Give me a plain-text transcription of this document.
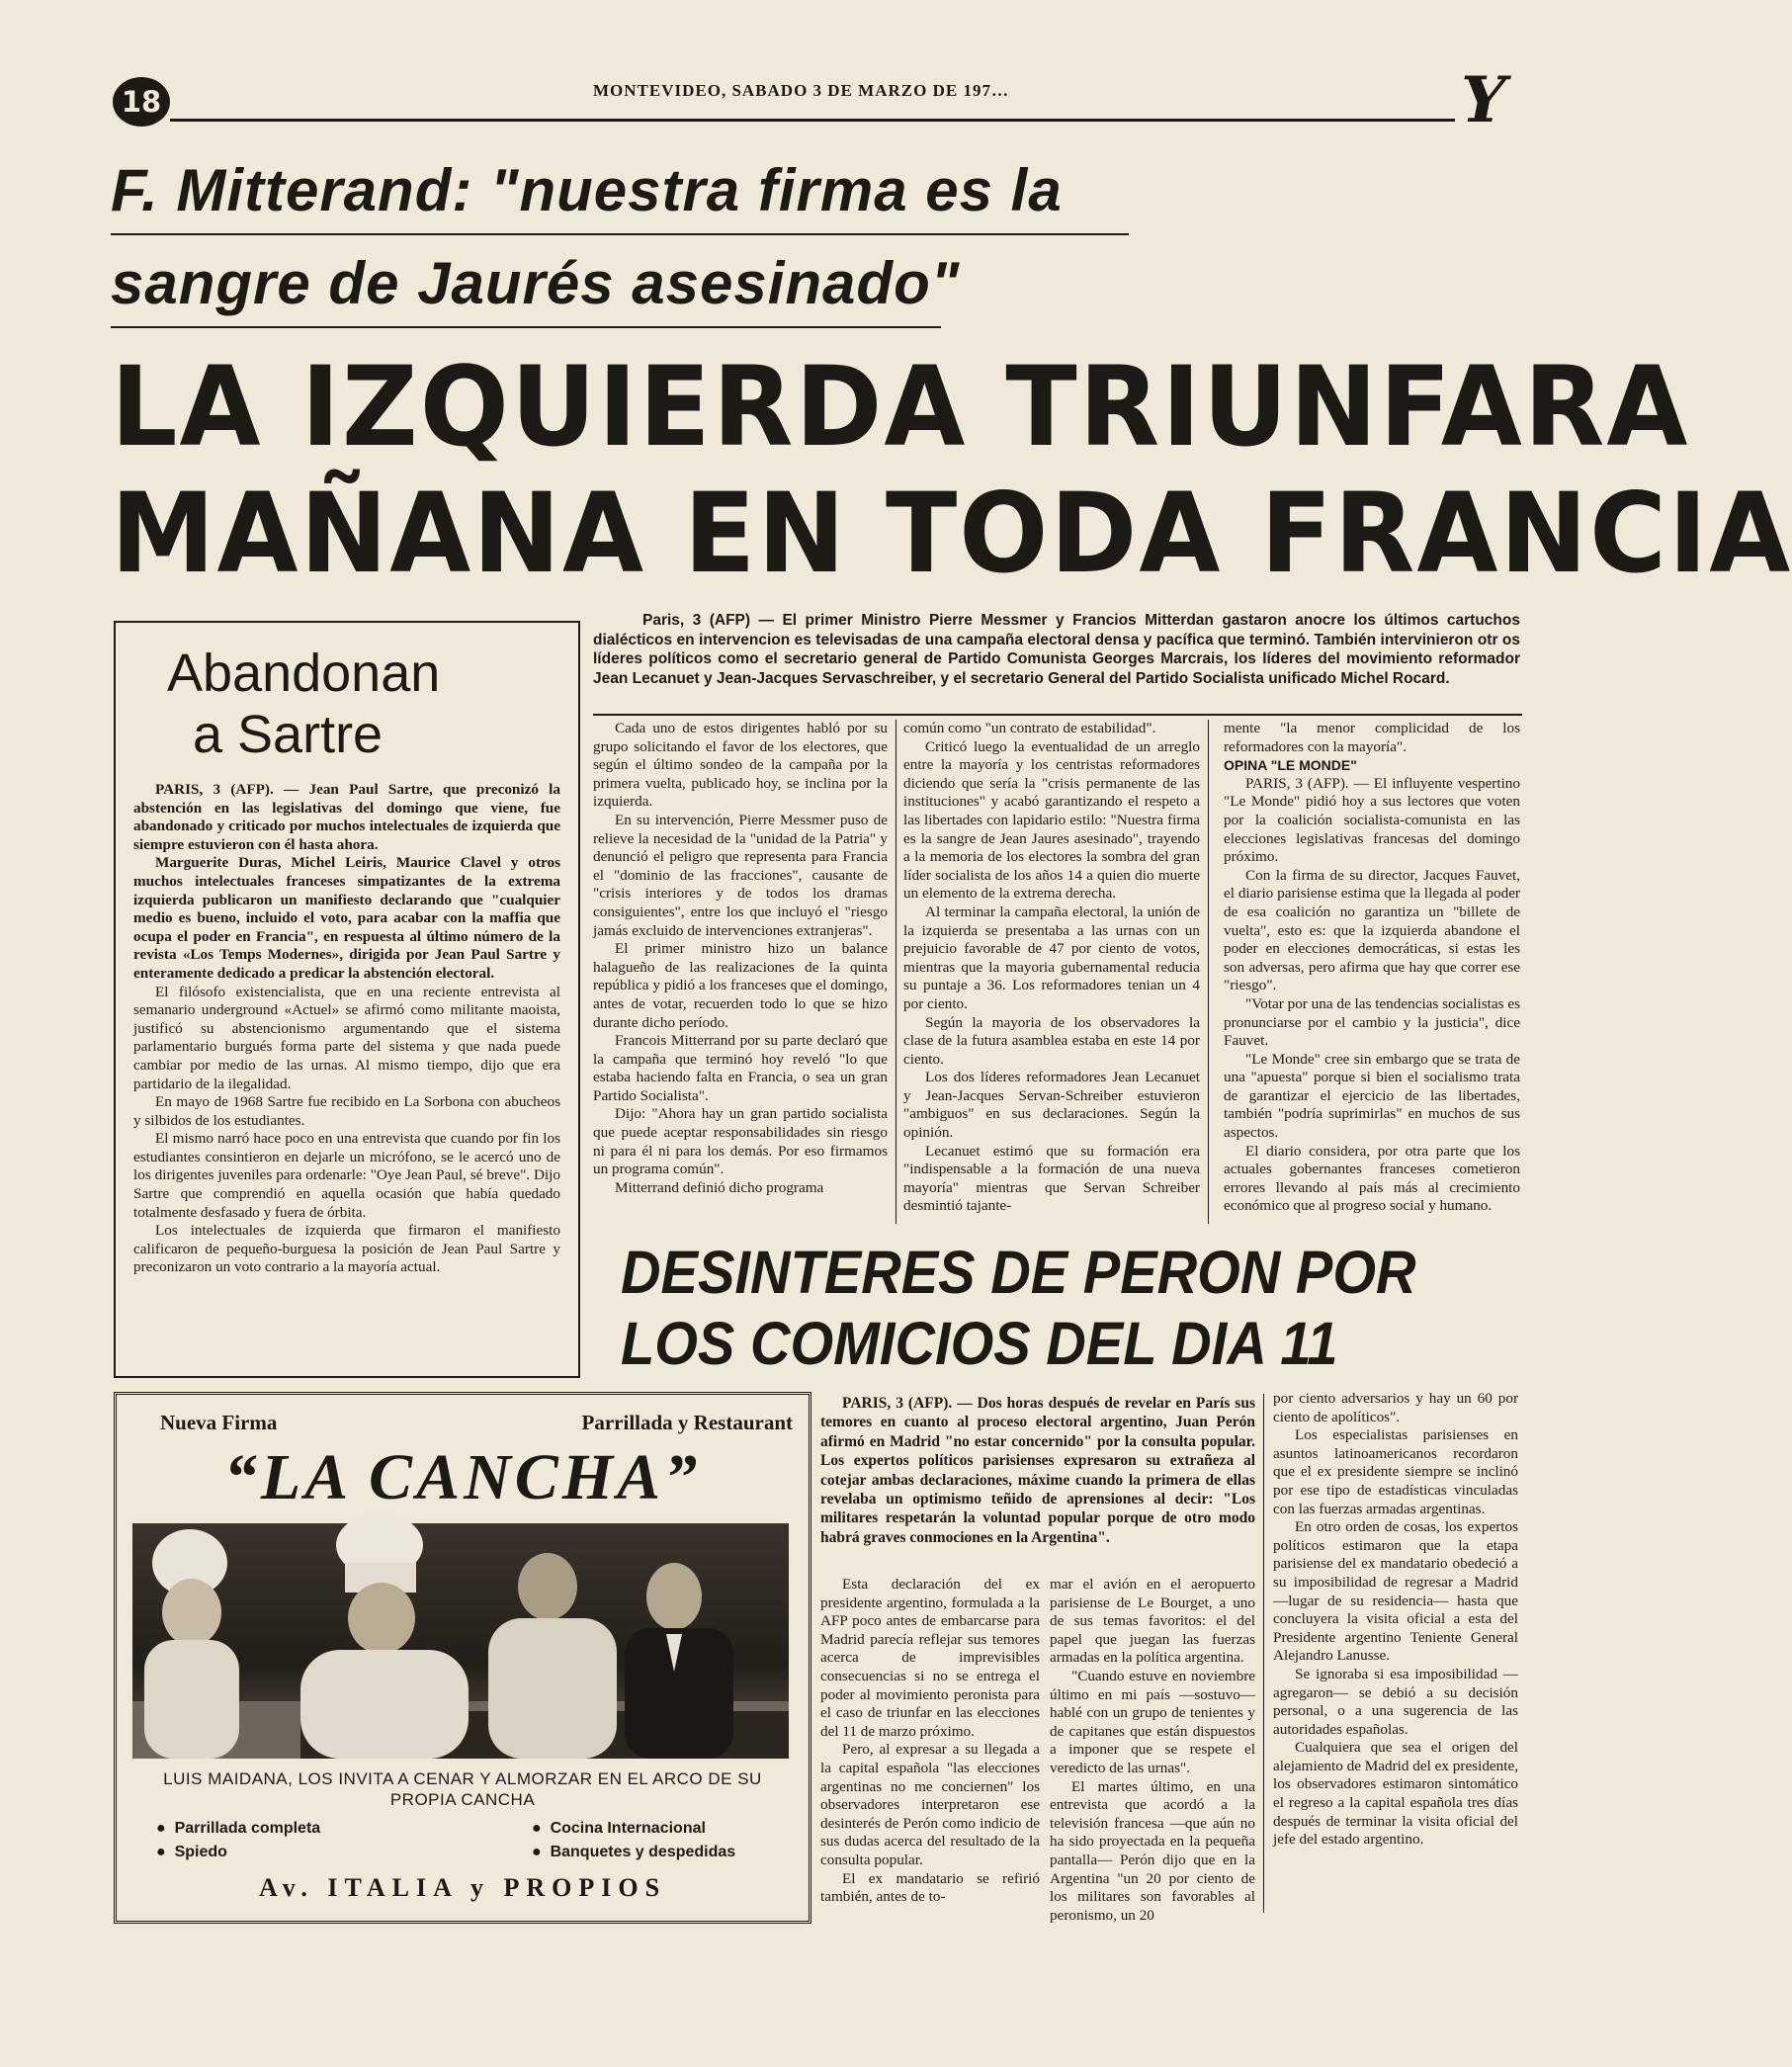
18	MONTEVIDEO, SABADO 3 DE MARZO DE 197…	Y
F. Mitterand: "nuestra firma es la
sangre de Jaurés asesinado"
LA IZQUIERDA TRIUNFARA
MAÑANA EN TODA FRANCIA
Abandonan
a Sartre

PARIS, 3 (AFP). — Jean Paul Sartre, que preconizó la abstención en las legislativas del domingo que viene, fue abandonado y criticado por muchos intelectuales de izquierda que siempre estuvieron con él hasta ahora.

Marguerite Duras, Michel Leiris, Maurice Clavel y otros muchos intelectuales franceses simpatizantes de la extrema izquierda publicaron un manifiesto declarando que "cualquier medio es bueno, incluido el voto, para acabar con la maffia que ocupa el poder en Francia", en respuesta al último número de la revista «Los Temps Modernes», dirigida por Jean Paul Sartre y enteramente dedicado a predicar la abstención electoral.

El filósofo existencialista, que en una reciente entrevista al semanario underground «Actuel» se afirmó como militante maoista, justificó su abstencionismo argumentando que el sistema parlamentario burgués forma parte del sistema y que nada puede cambiar por medio de las urnas. Al mismo tiempo, dijo que era partidario de la ilegalidad.

En mayo de 1968 Sartre fue recibido en La Sorbona con abucheos y silbidos de los estudiantes.

El mismo narró hace poco en una entrevista que cuando por fin los estudiantes consintieron en dejarle un micrófono, se le acercó uno de los dirigentes juveniles para ordenarle: "Oye Jean Paul, sé breve". Dijo Sartre que comprendió en aquella ocasión que había quedado totalmente desfasado y fuera de órbita.

Los intelectuales de izquierda que firmaron el manifiesto calificaron de pequeño-burguesa la posición de Jean Paul Sartre y preconizaron un voto contrario a la mayoría actual.

Paris, 3 (AFP) — El primer Ministro Pierre Messmer y Francios Mitterdan gastaron anocre los últimos cartuchos dialécticos en intervencion es televisadas de una campaña electoral densa y pacífica que terminó. También intervinieron otr os líderes políticos como el secretario general de Partido Comunista Georges Marcrais, los líderes del movimiento reformador Jean Lecanuet y Jean-Jacques Servaschreiber, y el secretario General del Partido Socialista unificado Michel Rocard.

Cada uno de estos dirigentes habló por su grupo solicitando el favor de los electores, que según el último sondeo de la campaña por la primera vuelta, publicado hoy, se inclina por la izquierda.

En su intervención, Pierre Messmer puso de relieve la necesidad de la "unidad de la Patria" y denunció el peligro que representa para Francia el "dominio de las fracciones", causante de "crisis interiores y de todos los dramas consiguientes", entre los que incluyó el "riesgo jamás excluido de intervenciones extranjeras".

El primer ministro hizo un balance halagueño de las realizaciones de la quinta república y pidió a los franceses que el domingo, antes de votar, recuerden todo lo que se hizo durante dicho período.

Francois Mitterrand por su parte declaró que la campaña que terminó hoy reveló "lo que estaba haciendo falta en Francia, o sea un gran Partido Socialista".

Dijo: "Ahora hay un gran partido socialista que puede aceptar responsabilidades sin riesgo ni para él ni para los demás. Por eso firmamos un programa común".

Mitterrand definió dicho programa

común como "un contrato de estabilidad".

Criticó luego la eventualidad de un arreglo entre la mayoría y los centristas reformadores diciendo que sería la "crisis permanente de las instituciones" y acabó garantizando el respeto a las libertades con lapidario estilo: "Nuestra firma es la sangre de Jean Jaures asesinado", trayendo a la memoria de los electores la sombra del gran líder socialista de los años 14 a quien dio muerte un elemento de la extrema derecha.

Al terminar la campaña electoral, la unión de la izquierda se presentaba a las urnas con un prejuicio favorable de 47 por ciento de votos, mientras que la mayoria gubernamental reducia su puntaje a 36. Los reformadores tenian un 4 por ciento.

Según la mayoria de los observadores la clase de la futura asamblea estaba en este 14 por ciento.

Los dos líderes reformadores Jean Lecanuet y Jean-Jacques Servan-Schreiber estuvieron "ambiguos" en sus declaraciones. Según la opinión.

Lecanuet estimó que su formación era "indispensable a la formación de una nueva mayoría" mientras que Servan Schreiber desmintió tajante-

mente "la menor complicidad de los reformadores con la mayoría".

OPINA "LE MONDE"

PARIS, 3 (AFP). — El influyente vespertino "Le Monde" pidió hoy a sus lectores que voten por la coalición socialista-comunista en las elecciones legislativas francesas del domingo próximo.

Con la firma de su director, Jacques Fauvet, el diario parisiense estima que la llegada al poder de esa coalición no garantiza un "billete de vuelta", esto es: que la izquierda abandone el poder en elecciones democráticas, si estas les son adversas, pero afirma que hay que correr ese "riesgo".

"Votar por una de las tendencias socialistas es pronunciarse por el cambio y la justicia", dice Fauvet.

"Le Monde" cree sin embargo que se trata de una "apuesta" porque si bien el socialismo trata de garantizar el ejercicio de las libertades, también "podría suprimirlas" en muchos de sus aspectos.

El diario considera, por otra parte que los actuales gobernantes franceses cometieron errores llevando al país más al crecimiento económico que al progreso social y humano.

DESINTERES DE PERON POR
LOS COMICIOS DEL DIA 11

PARIS, 3 (AFP). — Dos horas después de revelar en París sus temores en cuanto al proceso electoral argentino, Juan Perón afirmó en Madrid "no estar concernido" por la consulta popular. Los expertos políticos parisienses expresaron su extrañeza al cotejar ambas declaraciones, máxime cuando la primera de ellas revelaba un optimismo teñido de aprensiones al decir: "Los militares respetarán la voluntad popular porque de otro modo habrá graves conmociones en la Argentina".

Esta declaración del ex presidente argentino, formulada a la AFP poco antes de embarcarse para Madrid parecía reflejar sus temores acerca de imprevisibles consecuencias si no se entrega el poder al movimiento peronista para el caso de triunfar en las elecciones del 11 de marzo próximo.

Pero, al expresar a su llegada a la capital española "las elecciones argentinas no me conciernen" los observadores interpretaron ese desinterés de Perón como indicio de sus dudas acerca del resultado de la consulta popular.

El ex mandatario se refirió también, antes de to-

mar el avión en el aeropuerto parisiense de Le Bourget, a uno de sus temas favoritos: el del papel que juegan las fuerzas armadas en la política argentina.

"Cuando estuve en noviembre último en mi país —sostuvo— hablé con un grupo de tenientes y de capitanes que están dispuestos a imponer que se respete el veredicto de las urnas".

El martes último, en una entrevista que acordó a la televisión francesa —que aún no ha sido proyectada en la pequeña pantalla— Perón dijo que en la Argentina "un 20 por ciento de los militares son favorables al peronismo, un 20

por ciento adversarios y hay un 60 por ciento de apolíticos".

Los especialistas parisienses en asuntos latinoamericanos recordaron que el ex presidente siempre se inclinó por ese tipo de estadísticas vinculadas con las fuerzas armadas argentinas.

En otro orden de cosas, los expertos políticos estimaron que la etapa parisiense del ex mandatario obedeció a su imposibilidad de regresar a Madrid —lugar de su residencia— hasta que concluyera la visita oficial a esta del Presidente argentino Teniente General Alejandro Lanusse.

Se ignoraba si esa imposibilidad —agregaron— se debió a su decisión personal, o a una sugerencia de las autoridades españolas.

Cualquiera que sea el origen del alejamiento de Madrid del ex presidente, los observadores estimaron sintomático el regreso a la capital española tres días después de terminar la visita oficial del jefe del estado argentino.

Nueva Firma	Parrillada y Restaurant
“LA CANCHA”
LUIS MAIDANA, LOS INVITA A CENAR Y ALMORZAR EN EL ARCO DE SU PROPIA CANCHA
●  Parrillada completa
●  Spiedo
●  Cocina Internacional
●  Banquetes y despedidas
Av. ITALIA y PROPIOS
